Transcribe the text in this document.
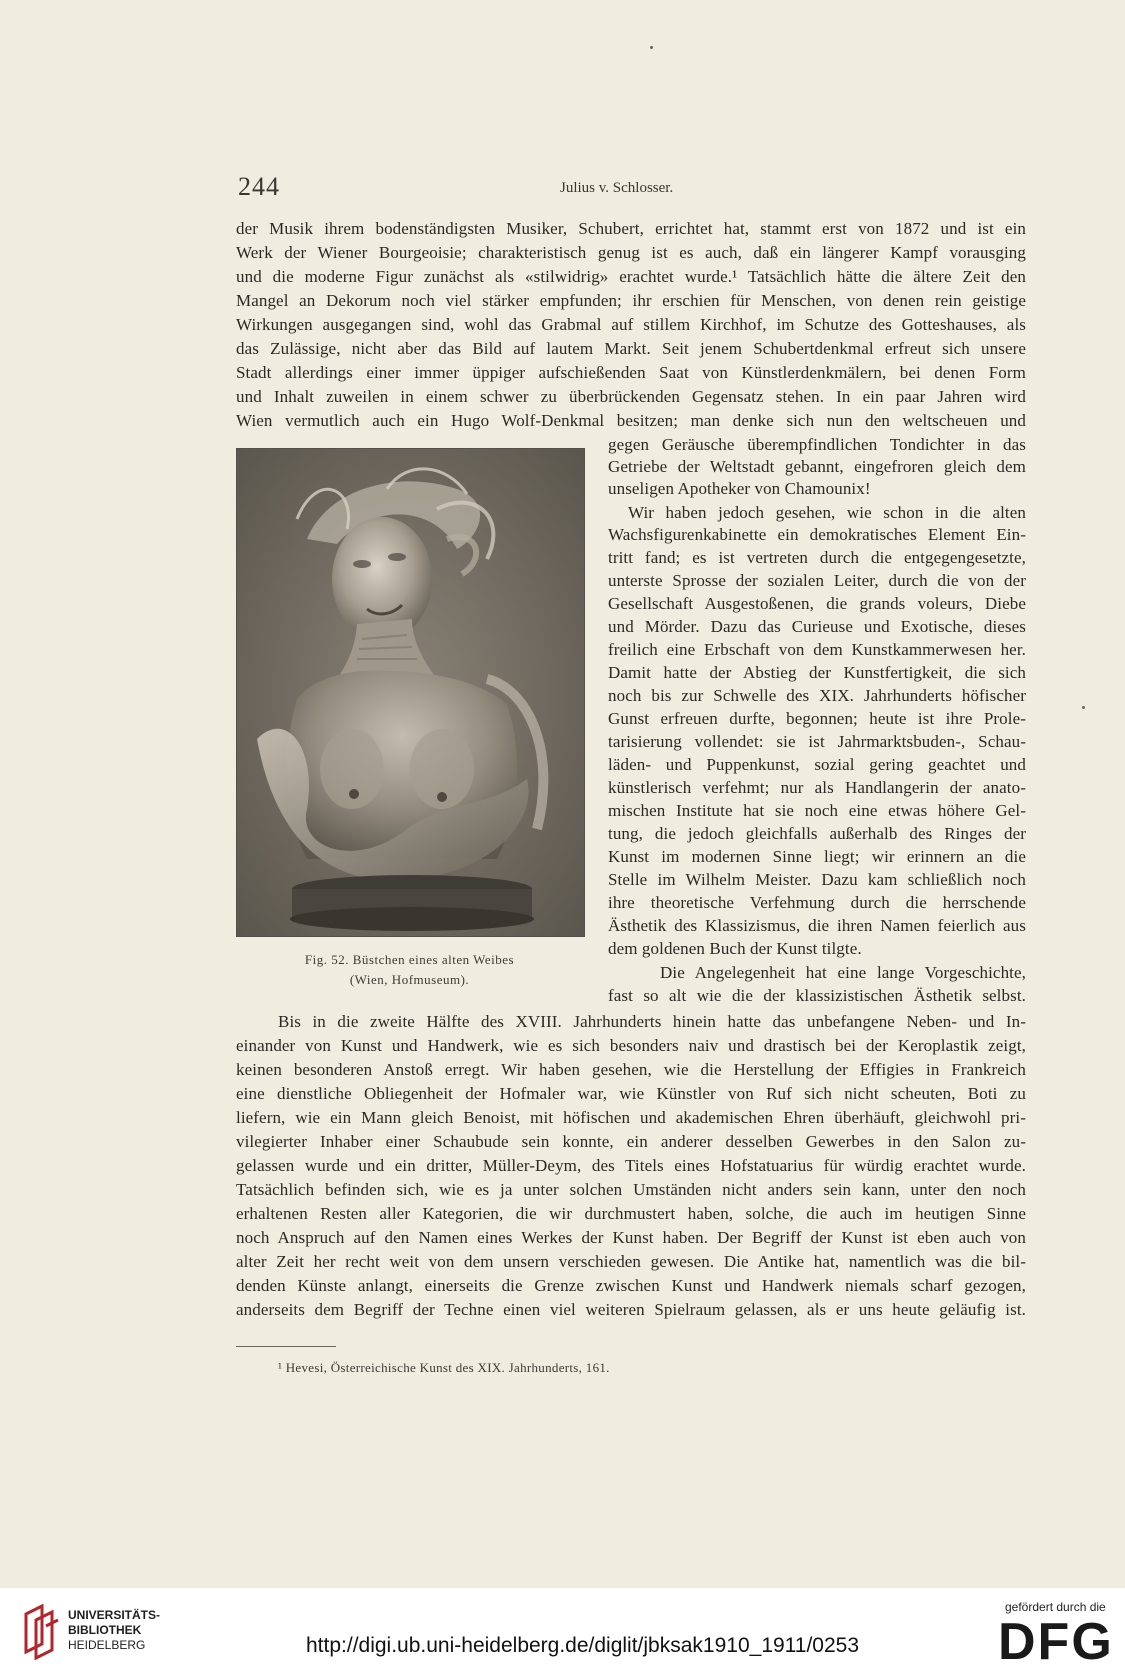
244	Julius v. Schlosser.
der Musik ihrem bodenständigsten Musiker, Schubert, errichtet hat, stammt erst von 1872 und ist ein
Werk der Wiener Bourgeoisie; charakteristisch genug ist es auch, daß ein längerer Kampf vorausging
und die moderne Figur zunächst als «stilwidrig» erachtet wurde.¹ Tatsächlich hätte die ältere Zeit den
Mangel an Dekorum noch viel stärker empfunden; ihr erschien für Menschen, von denen rein geistige
Wirkungen ausgegangen sind, wohl das Grabmal auf stillem Kirchhof, im Schutze des Gotteshauses, als
das Zulässige, nicht aber das Bild auf lautem Markt. Seit jenem Schubertdenkmal erfreut sich unsere
Stadt allerdings einer immer üppiger aufschießenden Saat von Künstlerdenkmälern, bei denen Form
und Inhalt zuweilen in einem schwer zu überbrückenden Gegensatz stehen. In ein paar Jahren wird
Wien vermutlich auch ein Hugo Wolf-Denkmal besitzen; man denke sich nun den weltscheuen und
Fig. 52. Büstchen eines alten Weibes
(Wien, Hofmuseum).
gegen Geräusche überempfindlichen Tondichter in das
Getriebe der Weltstadt gebannt, eingefroren gleich dem
unseligen Apotheker von Chamounix!
Wir haben jedoch gesehen, wie schon in die alten
Wachsfigurenkabinette ein demokratisches Element Ein-
tritt fand; es ist vertreten durch die entgegengesetzte,
unterste Sprosse der sozialen Leiter, durch die von der
Gesellschaft Ausgestoßenen, die grands voleurs, Diebe
und Mörder. Dazu das Curieuse und Exotische, dieses
freilich eine Erbschaft von dem Kunstkammerwesen her.
Damit hatte der Abstieg der Kunstfertigkeit, die sich
noch bis zur Schwelle des XIX. Jahrhunderts höfischer
Gunst erfreuen durfte, begonnen; heute ist ihre Prole-
tarisierung vollendet: sie ist Jahrmarktsbuden-, Schau-
läden- und Puppenkunst, sozial gering geachtet und
künstlerisch verfehmt; nur als Handlangerin der anato-
mischen Institute hat sie noch eine etwas höhere Gel-
tung, die jedoch gleichfalls außerhalb des Ringes der
Kunst im modernen Sinne liegt; wir erinnern an die
Stelle im Wilhelm Meister. Dazu kam schließlich noch
ihre theoretische Verfehmung durch die herrschende
Ästhetik des Klassizismus, die ihren Namen feierlich aus
dem goldenen Buch der Kunst tilgte.
Die Angelegenheit hat eine lange Vorgeschichte,
fast so alt wie die der klassizistischen Ästhetik selbst.
Bis in die zweite Hälfte des XVIII. Jahrhunderts hinein hatte das unbefangene Neben- und In-
einander von Kunst und Handwerk, wie es sich besonders naiv und drastisch bei der Keroplastik zeigt,
keinen besonderen Anstoß erregt. Wir haben gesehen, wie die Herstellung der Effigies in Frankreich
eine dienstliche Obliegenheit der Hofmaler war, wie Künstler von Ruf sich nicht scheuten, Boti zu
liefern, wie ein Mann gleich Benoist, mit höfischen und akademischen Ehren überhäuft, gleichwohl pri-
vilegierter Inhaber einer Schaubude sein konnte, ein anderer desselben Gewerbes in den Salon zu-
gelassen wurde und ein dritter, Müller-Deym, des Titels eines Hofstatuarius für würdig erachtet wurde.
Tatsächlich befinden sich, wie es ja unter solchen Umständen nicht anders sein kann, unter den noch
erhaltenen Resten aller Kategorien, die wir durchmustert haben, solche, die auch im heutigen Sinne
noch Anspruch auf den Namen eines Werkes der Kunst haben. Der Begriff der Kunst ist eben auch von
alter Zeit her recht weit von dem unsern verschieden gewesen. Die Antike hat, namentlich was die bil-
denden Künste anlangt, einerseits die Grenze zwischen Kunst und Handwerk niemals scharf gezogen,
anderseits dem Begriff der Techne einen viel weiteren Spielraum gelassen, als er uns heute geläufig ist.
¹ Hevesi, Österreichische Kunst des XIX. Jahrhunderts, 161.
UNIVERSITÄTS-
BIBLIOTHEK
HEIDELBERG	http://digi.ub.uni-heidelberg.de/diglit/jbksak1910_1911/0253
gefördert durch die
DFG
